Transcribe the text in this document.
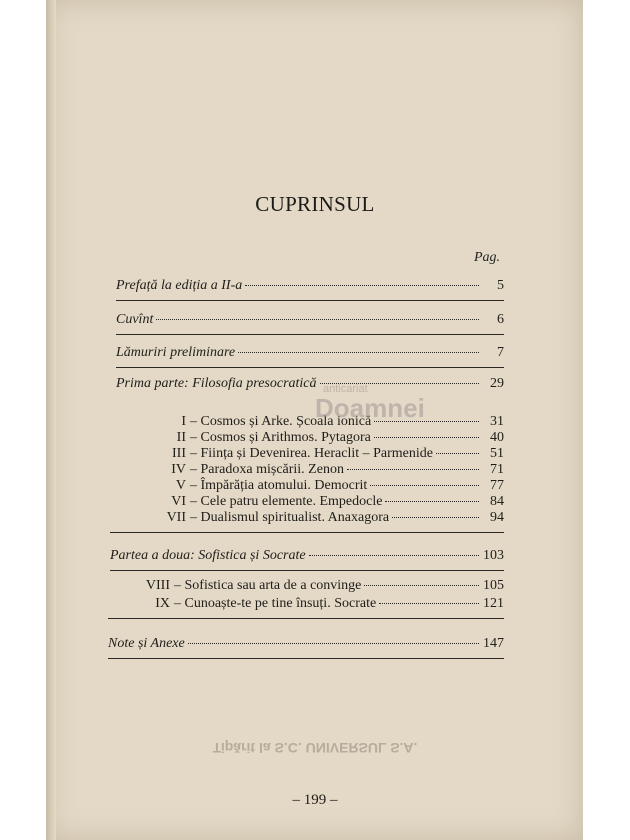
CUPRINSUL
Pag.
Prefață la ediția a II-a	5
Cuvînt	6
Lămuriri preliminare	7
Prima parte: Filosofia presocratică	29
I – Cosmos și Arke. Școala ionică	31
II – Cosmos și Arithmos. Pytagora	40
III – Ființa și Devenirea. Heraclit – Parmenide	51
IV – Paradoxa mișcării. Zenon	71
V – Împărăția atomului. Democrit	77
VI – Cele patru elemente. Empedocle	84
VII – Dualismul spiritualist. Anaxagora	94
Partea a doua: Sofistica și Socrate	103
VIII – Sofistica sau arta de a convinge	105
IX – Cunoaște-te pe tine însuți. Socrate	121
Note și Anexe	147
anticariat
Doamnei
Tipărit la S.C. UNIVERSUL S.A.
– 199 –
